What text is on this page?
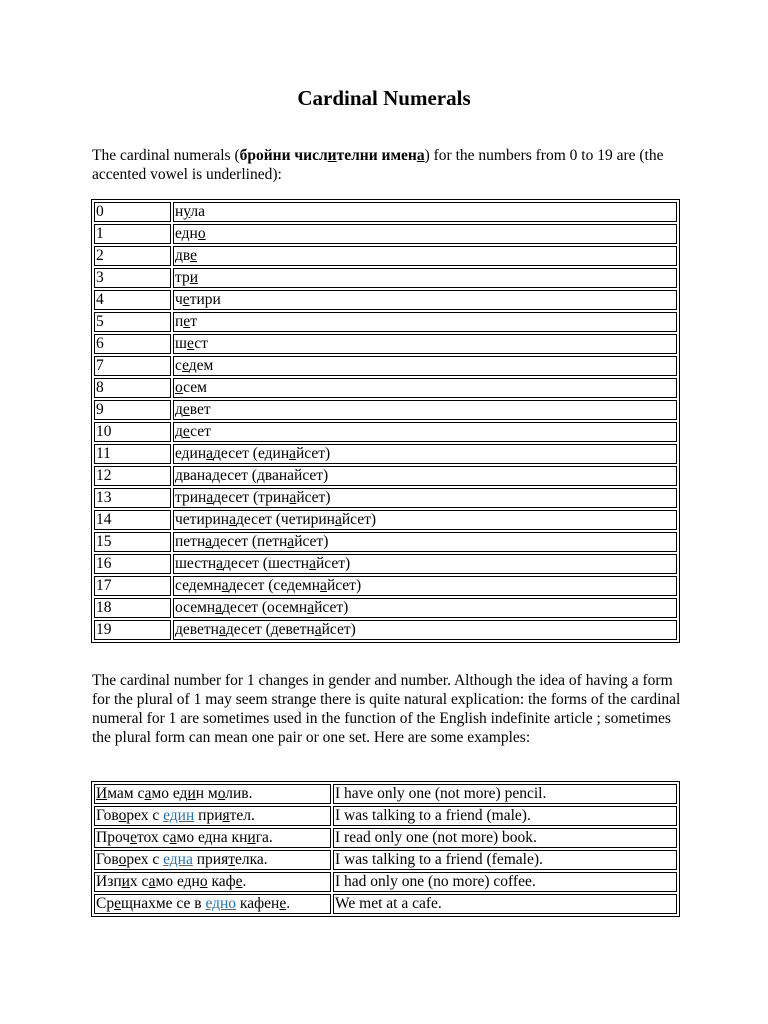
Cardinal Numerals
The cardinal numerals (бройни числителни имена) for the numbers from 0 to 19 are (the accented vowel is underlined):
0	нула
1	едно
2	две
3	три
4	четири
5	пет
6	шест
7	седем
8	осем
9	девет
10	десет
11	единадесет (единайсет)
12	дванадесет (дванайсет)
13	тринадесет (тринайсет)
14	четиринадесет (четиринайсет)
15	петнадесет (петнайсет)
16	шестнадесет (шестнайсет)
17	седемнадесет (седемнайсет)
18	осемнадесет (осемнайсет)
19	деветнадесет (деветнайсет)
The cardinal number for 1 changes in gender and number. Although the idea of having a form for the plural of 1 may seem strange there is quite natural explication: the forms of the cardinal numeral for 1 are sometimes used in the function of the English indefinite article ; sometimes the plural form can mean one pair or one set. Here are some examples:
Имам само един молив.	I have only one (not more) pencil.
Говорех с един приятел.	I was talking to a friend (male).
Прочетох само една книга.	I read only one (not more) book.
Говорех с една приятелка.	I was talking to a friend (female).
Изпих само едно кафе.	I had only one (no more) coffee.
Срещнахме се в едно кафене.	We met at a cafe.
